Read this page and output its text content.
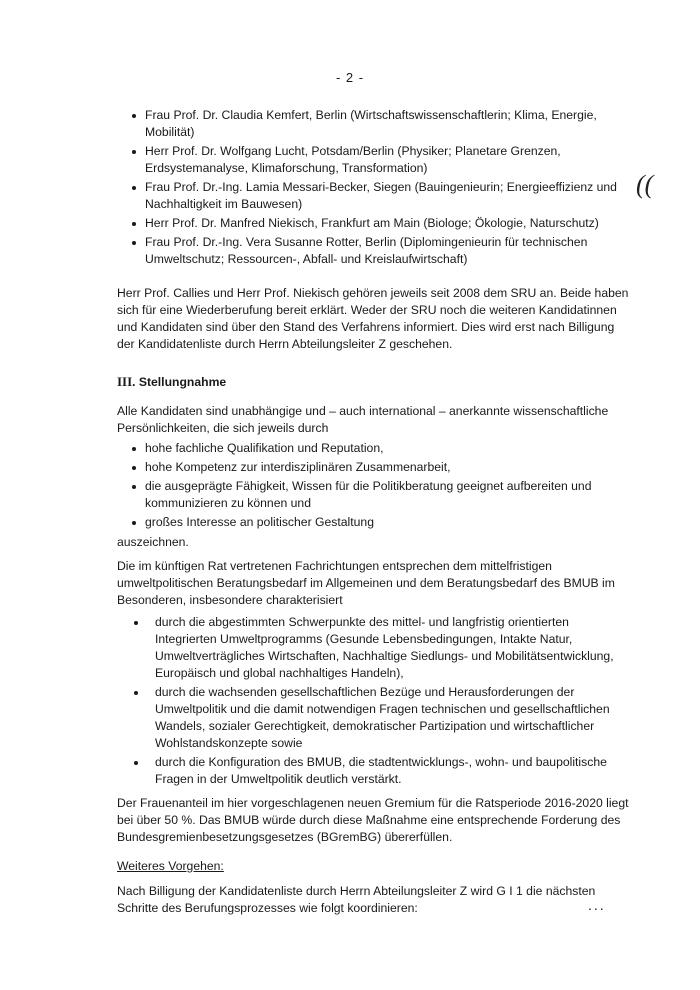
- 2 -
((
Frau Prof. Dr. Claudia Kemfert, Berlin (Wirtschaftswissenschaftlerin; Klima, Energie, Mobilität)
Herr Prof. Dr. Wolfgang Lucht, Potsdam/Berlin (Physiker; Planetare Grenzen, Erdsystemanalyse, Klimaforschung, Transformation)
Frau Prof. Dr.-Ing. Lamia Messari-Becker, Siegen (Bauingenieurin; Energieeffizienz und Nachhaltigkeit im Bauwesen)
Herr Prof. Dr. Manfred Niekisch, Frankfurt am Main (Biologe; Ökologie, Naturschutz)
Frau Prof. Dr.-Ing. Vera Susanne Rotter, Berlin (Diplomingenieurin für technischen Umweltschutz; Ressourcen-, Abfall- und Kreislaufwirtschaft)

Herr Prof. Callies und Herr Prof. Niekisch gehören jeweils seit 2008 dem SRU an. Beide haben sich für eine Wiederberufung bereit erklärt. Weder der SRU noch die weiteren Kandidatinnen und Kandidaten sind über den Stand des Verfahrens informiert. Dies wird erst nach Billigung der Kandidatenliste durch Herrn Abteilungsleiter Z geschehen.

III. Stellungnahme

Alle Kandidaten sind unabhängige und – auch international – anerkannte wissenschaftliche Persönlichkeiten, die sich jeweils durch

hohe fachliche Qualifikation und Reputation,
hohe Kompetenz zur interdisziplinären Zusammenarbeit,
die ausgeprägte Fähigkeit, Wissen für die Politikberatung geeignet aufbereiten und kommunizieren zu können und
großes Interesse an politischer Gestaltung

auszeichnen.

Die im künftigen Rat vertretenen Fachrichtungen entsprechen dem mittelfristigen umweltpolitischen Beratungsbedarf im Allgemeinen und dem Beratungsbedarf des BMUB im Besonderen, insbesondere charakterisiert

durch die abgestimmten Schwerpunkte des mittel- und langfristig orientierten Integrierten Umweltprogramms (Gesunde Lebensbedingungen, Intakte Natur, Umweltverträgliches Wirtschaften, Nachhaltige Siedlungs- und Mobilitätsentwicklung, Europäisch und global nachhaltiges Handeln),
durch die wachsenden gesellschaftlichen Bezüge und Herausforderungen der Umweltpolitik und die damit notwendigen Fragen technischen und gesellschaftlichen Wandels, sozialer Gerechtigkeit, demokratischer Partizipation und wirtschaftlicher Wohlstandskonzepte sowie
durch die Konfiguration des BMUB, die stadtentwicklungs-, wohn- und baupolitische Fragen in der Umweltpolitik deutlich verstärkt.

Der Frauenanteil im hier vorgeschlagenen neuen Gremium für die Ratsperiode 2016-2020 liegt bei über 50 %. Das BMUB würde durch diese Maßnahme eine entsprechende Forderung des Bundesgremienbesetzungsgesetzes (BGremBG) übererfüllen.

Weiteres Vorgehen:

Nach Billigung der Kandidatenliste durch Herrn Abteilungsleiter Z wird G I 1 die nächsten Schritte des Berufungsprozesses wie folgt koordinieren:	...
